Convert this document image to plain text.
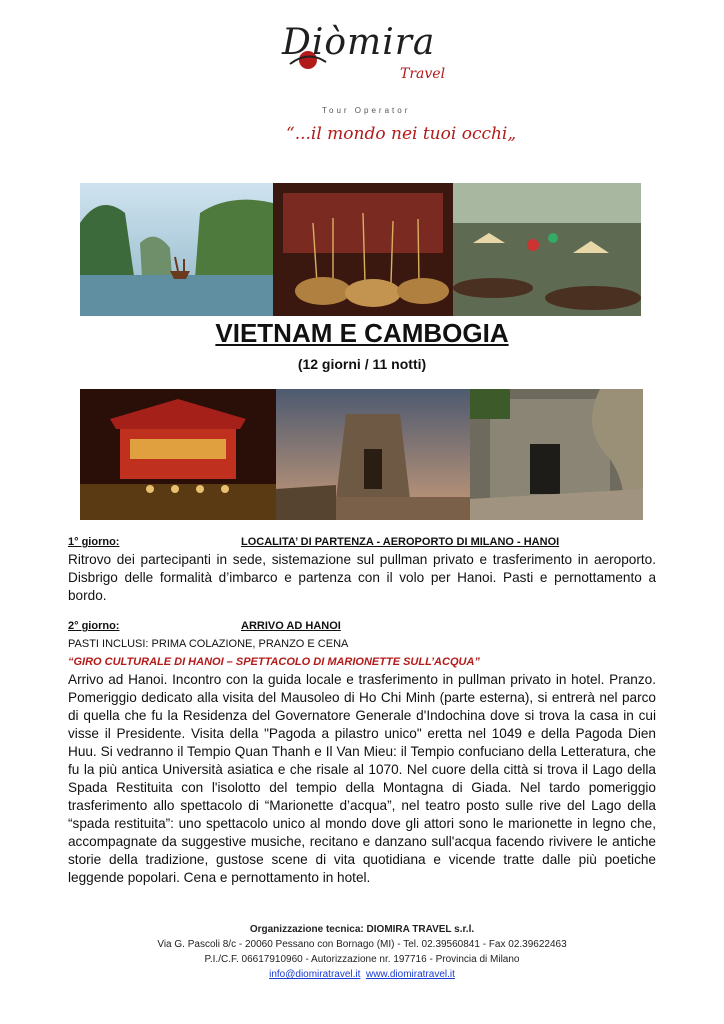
Diòmira
Travel
Tour Operator
“...il mondo nei tuoi occhi„
VIETNAM E CAMBOGIA
(12 giorni / 11 notti)
1° giorno:	LOCALITA’ DI PARTENZA - AEROPORTO DI MILANO - HANOI

Ritrovo dei partecipanti in sede, sistemazione sul pullman privato e trasferimento in aeroporto. Disbrigo delle formalità d’imbarco e partenza con il volo per Hanoi. Pasti e pernottamento a bordo.

2° giorno:	ARRIVO AD HANOI
PASTI INCLUSI: PRIMA COLAZIONE, PRANZO E CENA
“GIRO CULTURALE DI HANOI – SPETTACOLO DI MARIONETTE SULL’ACQUA”

Arrivo ad Hanoi. Incontro con la guida locale e trasferimento in pullman privato in hotel. Pranzo. Pomeriggio dedicato alla visita del Mausoleo di Ho Chi Minh (parte esterna), si entrerà nel parco di quella che fu la Residenza del Governatore Generale d'Indochina dove si trova la casa in cui visse il Presidente. Visita della "Pagoda a pilastro unico" eretta nel 1049 e della Pagoda Dien Huu. Si vedranno il Tempio Quan Thanh e Il Van Mieu: il Tempio confuciano della Letteratura, che fu la più antica Università asiatica e che risale al 1070. Nel cuore della città si trova il Lago della Spada Restituita con l'isolotto del tempio della Montagna di Giada. Nel tardo pomeriggio trasferimento allo spettacolo di “Marionette d’acqua”, nel teatro posto sulle rive del Lago della “spada restituita”: uno spettacolo unico al mondo dove gli attori sono le marionette in legno che, accompagnate da suggestive musiche, recitano e danzano sull'acqua facendo rivivere le antiche storie della tradizione, gustose scene di vita quotidiana e vicende tratte dalle più poetiche leggende popolari. Cena e pernottamento in hotel.

Organizzazione tecnica: DIOMIRA TRAVEL s.r.l.
Via G. Pascoli 8/c - 20060 Pessano con Bornago (MI) - Tel. 02.39560841 - Fax 02.39622463
P.I./C.F. 06617910960 - Autorizzazione nr. 197716 - Provincia di Milano
info@diomiratravel.it www.diomiratravel.it
